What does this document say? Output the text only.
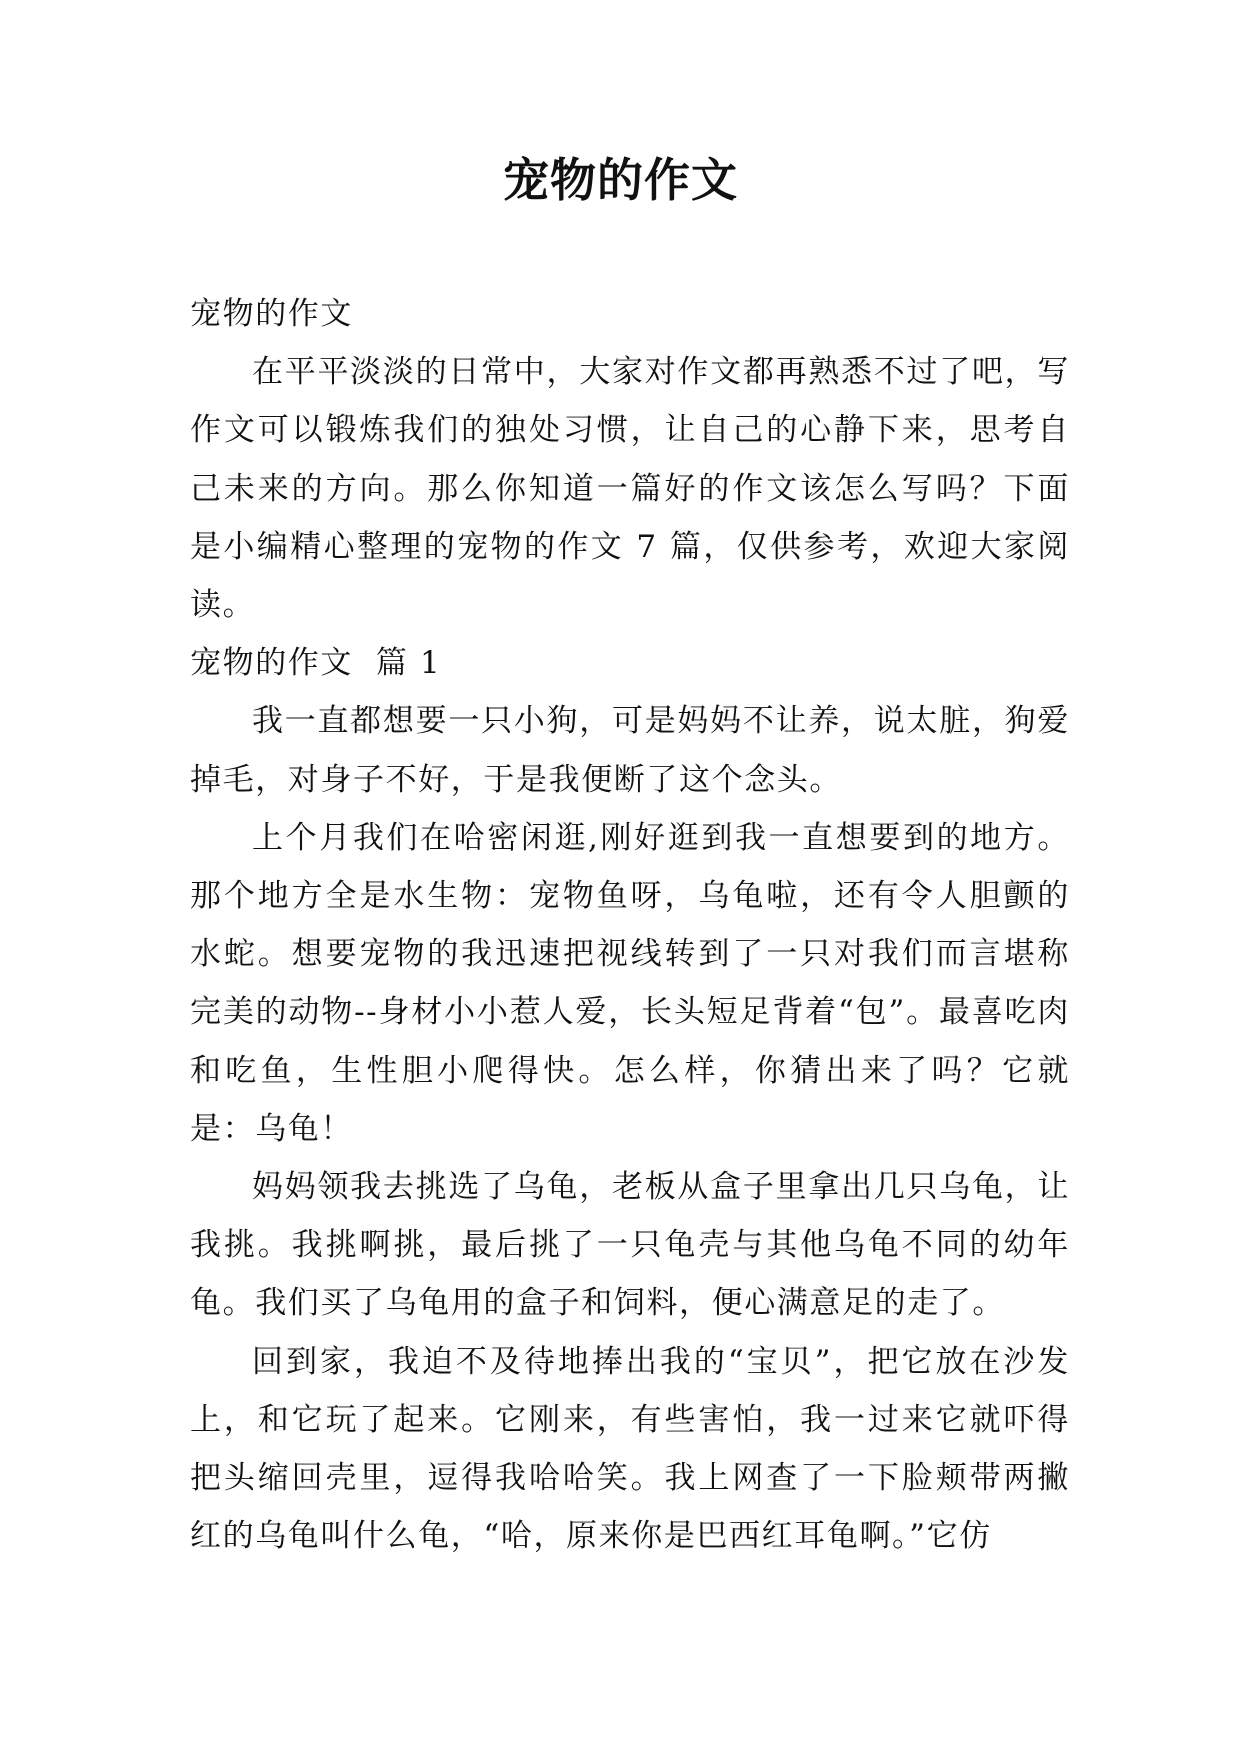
宠物的作文

宠物的作文

在平平淡淡的日常中，大家对作文都再熟悉不过了吧，写作文可以锻炼我们的独处习惯，让自己的心静下来，思考自己未来的方向。那么你知道一篇好的作文该怎么写吗？下面是小编精心整理的宠物的作文 7 篇，仅供参考，欢迎大家阅读。

宠物的作文  篇 1

我一直都想要一只小狗，可是妈妈不让养，说太脏，狗爱掉毛，对身子不好，于是我便断了这个念头。

上个月我们在哈密闲逛,刚好逛到我一直想要到的地方。那个地方全是水生物：宠物鱼呀，乌龟啦，还有令人胆颤的水蛇。想要宠物的我迅速把视线转到了一只对我们而言堪称完美的动物--身材小小惹人爱，长头短足背着“包”。最喜吃肉和吃鱼，生性胆小爬得快。怎么样，你猜出来了吗？它就是：乌龟！

妈妈领我去挑选了乌龟，老板从盒子里拿出几只乌龟，让我挑。我挑啊挑，最后挑了一只龟壳与其他乌龟不同的幼年龟。我们买了乌龟用的盒子和饲料，便心满意足的走了。

回到家，我迫不及待地捧出我的“宝贝”，把它放在沙发上，和它玩了起来。它刚来，有些害怕，我一过来它就吓得把头缩回壳里，逗得我哈哈笑。我上网查了一下脸颊带两撇红的乌龟叫什么龟，“哈，原来你是巴西红耳龟啊。”它仿
